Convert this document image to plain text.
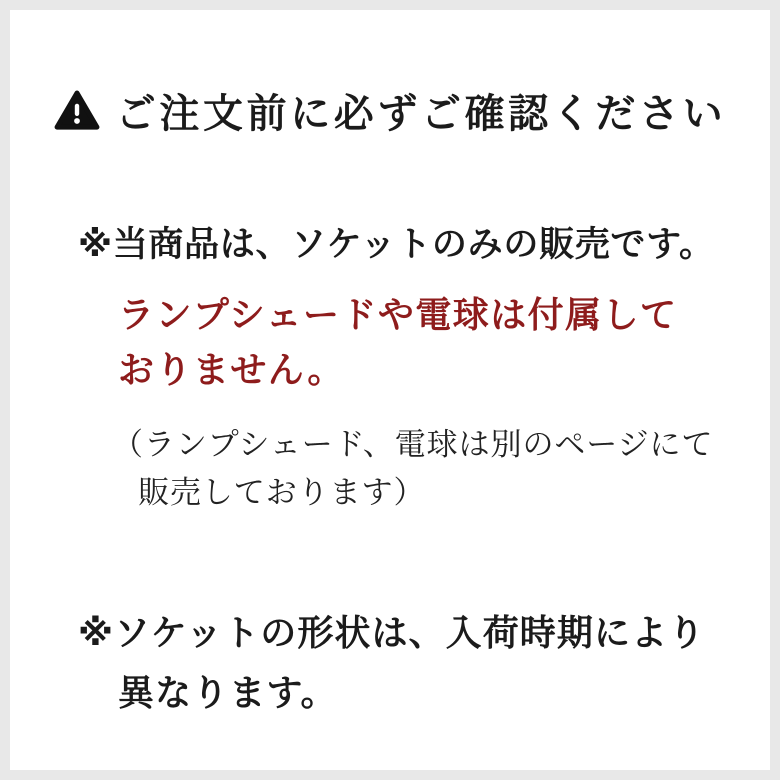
ご注文前に必ずご確認ください
※当商品は、ソケットのみの販売です。
ランプシェードや電球は付属して
おりません。
（ランプシェード、電球は別のページにて
販売しております）
※ソケットの形状は、入荷時期により
異なります。
